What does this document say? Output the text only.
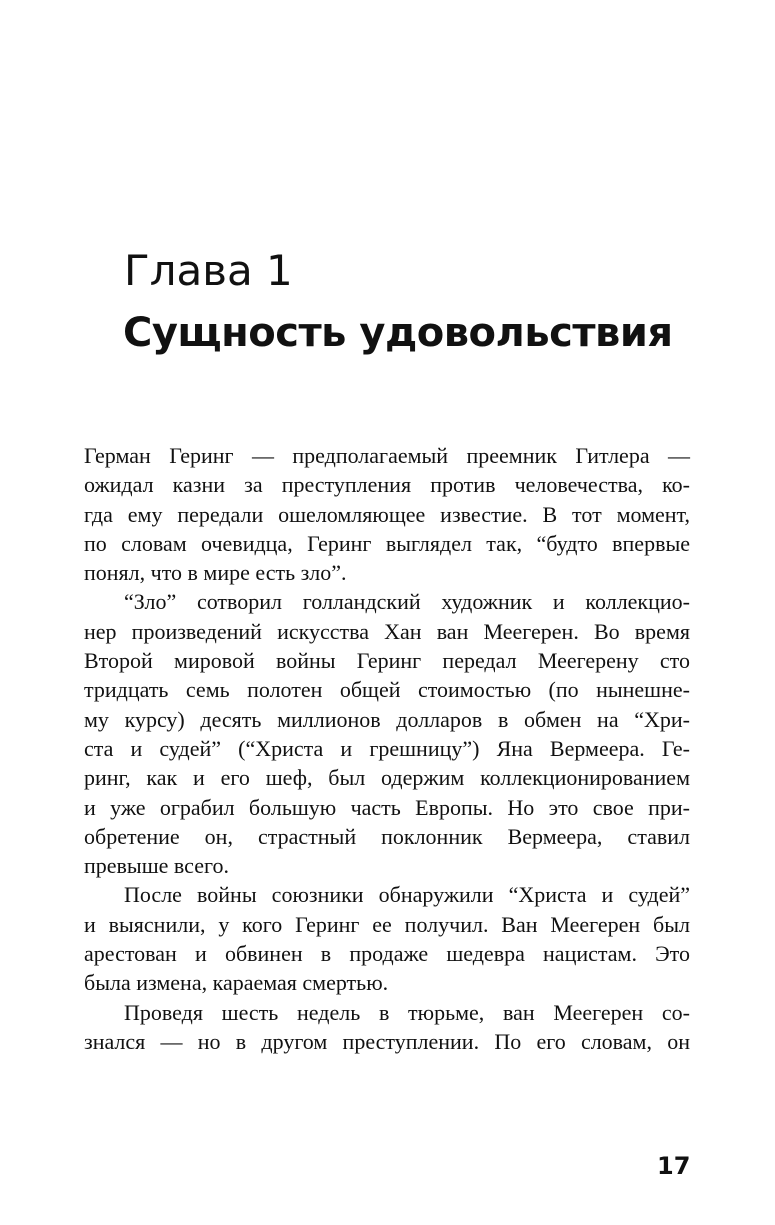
Глава 1
Сущность удовольствия
Герман Геринг — предполагаемый преемник Гитлера —
ожидал казни за преступления против человечества, ко-
гда ему передали ошеломляющее известие. В тот момент,
по словам очевидца, Геринг выглядел так, “будто впервые
понял, что в мире есть зло”.
“Зло” сотворил голландский художник и коллекцио-
нер произведений искусства Хан ван Меегерен. Во время
Второй мировой войны Геринг передал Меегерену сто
тридцать семь полотен общей стоимостью (по нынешне-
му курсу) десять миллионов долларов в обмен на “Хри-
ста и судей” (“Христа и грешницу”) Яна Вермеера. Ге-
ринг, как и его шеф, был одержим коллекционированием
и уже ограбил большую часть Европы. Но это свое при-
обретение он, страстный поклонник Вермеера, ставил
превыше всего.
После войны союзники обнаружили “Христа и судей”
и выяснили, у кого Геринг ее получил. Ван Меегерен был
арестован и обвинен в продаже шедевра нацистам. Это
была измена, караемая смертью.
Проведя шесть недель в тюрьме, ван Меегерен со-
знался — но в другом преступлении. По его словам, он
17
